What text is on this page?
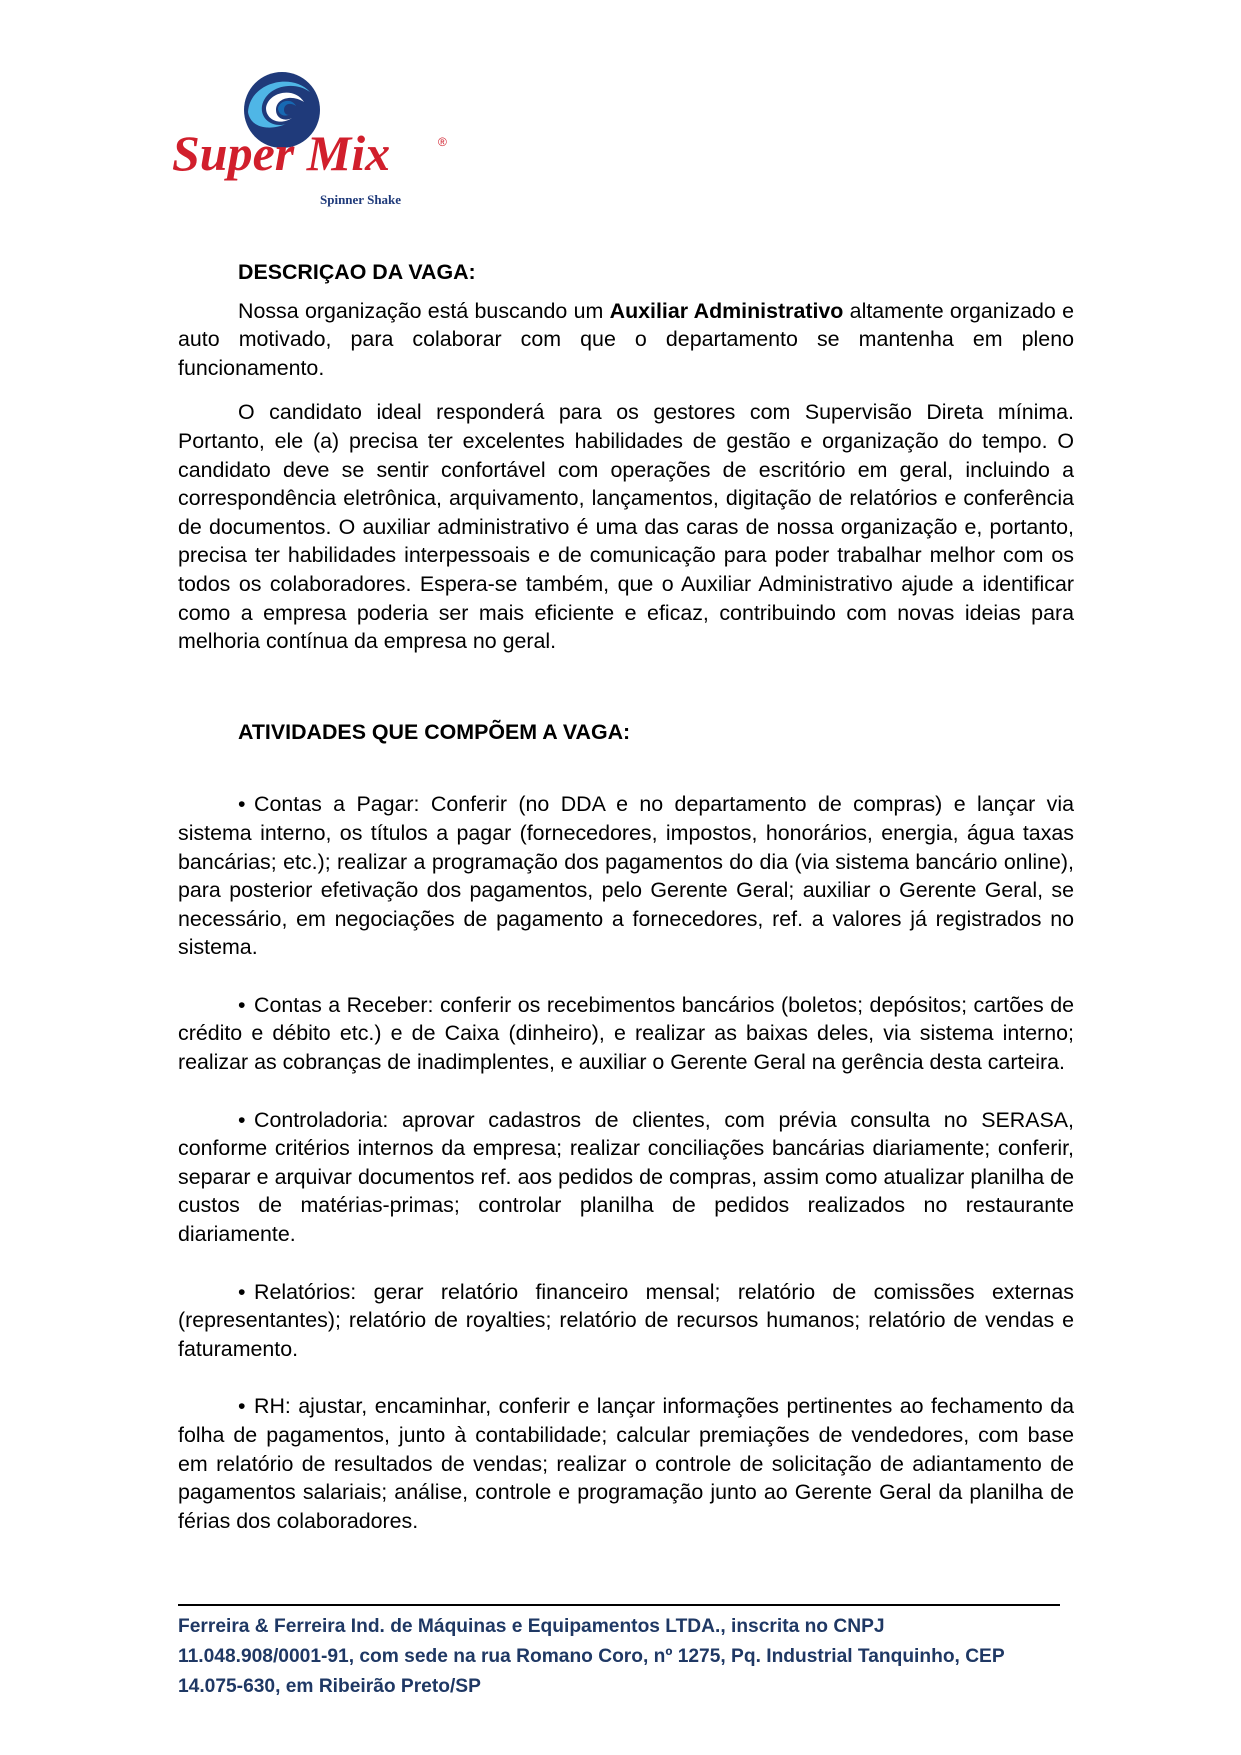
Super Mix	®
Spinner Shake

DESCRIÇAO DA VAGA:

Nossa organização está buscando um Auxiliar Administrativo altamente organizado e auto motivado, para colaborar com que o departamento se mantenha em pleno funcionamento.

O candidato ideal responderá para os gestores com Supervisão Direta mínima. Portanto, ele (a) precisa ter excelentes habilidades de gestão e organização do tempo. O candidato deve se sentir confortável com operações de escritório em geral, incluindo a correspondência eletrônica, arquivamento, lançamentos, digitação de relatórios e conferência de documentos. O auxiliar administrativo é uma das caras de nossa organização e, portanto, precisa ter habilidades interpessoais e de comunicação para poder trabalhar melhor com os todos os colaboradores. Espera-se também, que o Auxiliar Administrativo ajude a identificar como a empresa poderia ser mais eficiente e eficaz, contribuindo com novas ideias para melhoria contínua da empresa no geral.

ATIVIDADES QUE COMPÕEM A VAGA:

• Contas a Pagar: Conferir (no DDA e no departamento de compras) e lançar via sistema interno, os títulos a pagar (fornecedores, impostos, honorários, energia, água taxas bancárias; etc.); realizar a programação dos pagamentos do dia (via sistema bancário online), para posterior efetivação dos pagamentos, pelo Gerente Geral; auxiliar o Gerente Geral, se necessário, em negociações de pagamento a fornecedores, ref. a valores já registrados no sistema.

• Contas a Receber: conferir os recebimentos bancários (boletos; depósitos; cartões de crédito e débito etc.) e de Caixa (dinheiro), e realizar as baixas deles, via sistema interno; realizar as cobranças de inadimplentes, e auxiliar o Gerente Geral na gerência desta carteira.

• Controladoria: aprovar cadastros de clientes, com prévia consulta no SERASA, conforme critérios internos da empresa; realizar conciliações bancárias diariamente; conferir, separar e arquivar documentos ref. aos pedidos de compras, assim como atualizar planilha de custos de matérias-primas; controlar planilha de pedidos realizados no restaurante diariamente.

• Relatórios: gerar relatório financeiro mensal; relatório de comissões externas (representantes); relatório de royalties; relatório de recursos humanos; relatório de vendas e faturamento.

• RH: ajustar, encaminhar, conferir e lançar informações pertinentes ao fechamento da folha de pagamentos, junto à contabilidade; calcular premiações de vendedores, com base em relatório de resultados de vendas; realizar o controle de solicitação de adiantamento de pagamentos salariais; análise, controle e programação junto ao Gerente Geral da planilha de férias dos colaboradores.

Ferreira & Ferreira Ind. de Máquinas e Equipamentos LTDA., inscrita no CNPJ
11.048.908/0001-91, com sede na rua Romano Coro, nº 1275, Pq. Industrial Tanquinho, CEP
14.075-630, em Ribeirão Preto/SP
